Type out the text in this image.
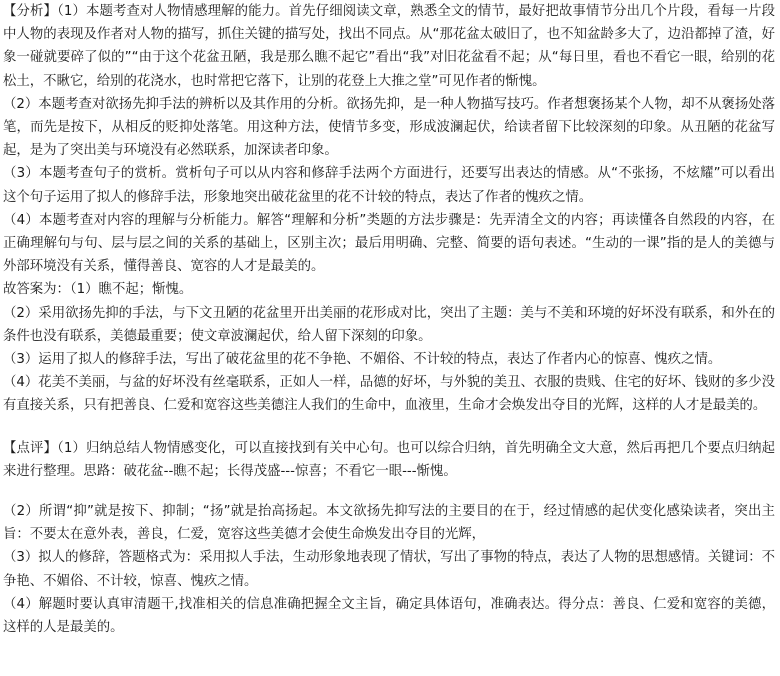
【分析】（1）本题考查对人物情感理解的能力。首先仔细阅读文章，熟悉全文的情节，最好把故事情节分出几个片段，看每一片段中人物的表现及作者对人物的描写，抓住关键的描写处，找出不同点。从“那花盆太破旧了，也不知盆龄多大了，边沿都掉了渣，好象一碰就要碎了似的”“由于这个花盆丑陋，我是那么瞧不起它”看出“我”对旧花盆看不起；从“每日里，看也不看它一眼，给别的花松土，不瞅它，给别的花浇水，也时常把它落下，让别的花登上大推之堂”可见作者的惭愧。

（2）本题考查对欲扬先抑手法的辨析以及其作用的分析。欲扬先抑，是一种人物描写技巧。作者想褒扬某个人物，却不从褒扬处落笔，而先是按下，从相反的贬抑处落笔。用这种方法，使情节多变，形成波澜起伏，给读者留下比较深刻的印象。从丑陋的花盆写起，是为了突出美与环境没有必然联系，加深读者印象。

（3）本题考查句子的赏析。赏析句子可以从内容和修辞手法两个方面进行，还要写出表达的情感。从“不张扬，不炫耀”可以看出这个句子运用了拟人的修辞手法，形象地突出破花盆里的花不计较的特点，表达了作者的愧疚之情。

（4）本题考查对内容的理解与分析能力。解答“理解和分析”类题的方法步骤是：先弄清全文的内容；再读懂各自然段的内容，在正确理解句与句、层与层之间的关系的基础上，区别主次；最后用明确、完整、简要的语句表述。“生动的一课”指的是人的美德与外部环境没有关系，懂得善良、宽容的人才是最美的。

故答案为：（1）瞧不起；惭愧。

（2）采用欲扬先抑的手法，与下文丑陋的花盆里开出美丽的花形成对比，突出了主题：美与不美和环境的好坏没有联系，和外在的条件也没有联系，美德最重要；使文章波澜起伏，给人留下深刻的印象。

（3）运用了拟人的修辞手法，写出了破花盆里的花不争艳、不媚俗、不计较的特点，表达了作者内心的惊喜、愧疚之情。

（4）花美不美丽，与盆的好坏没有丝毫联系，正如人一样，品德的好坏，与外貌的美丑、衣服的贵贱、住宅的好坏、钱财的多少没有直接关系，只有把善良、仁爱和宽容这些美德注人我们的生命中，血液里，生命才会焕发出夺目的光辉，这样的人才是最美的。

【点评】（1）归纳总结人物情感变化，可以直接找到有关中心句。也可以综合归纳，首先明确全文大意，然后再把几个要点归纳起来进行整理。思路：破花盆--瞧不起；长得茂盛---惊喜；不看它一眼---惭愧。

（2）所谓“抑”就是按下、抑制；“扬”就是抬高扬起。本文欲扬先抑写法的主要目的在于，经过情感的起伏变化感染读者，突出主旨：不要太在意外表，善良，仁爱，宽容这些美德才会使生命焕发出夺目的光辉，

（3）拟人的修辞，答题格式为：采用拟人手法，生动形象地表现了情状，写出了事物的特点，表达了人物的思想感情。关键词：不争艳、不媚俗、不计较，惊喜、愧疚之情。

（4）解题时要认真审清题干,找准相关的信息准确把握全文主旨，确定具体语句，准确表达。得分点：善良、仁爱和宽容的美德，这样的人是最美的。
